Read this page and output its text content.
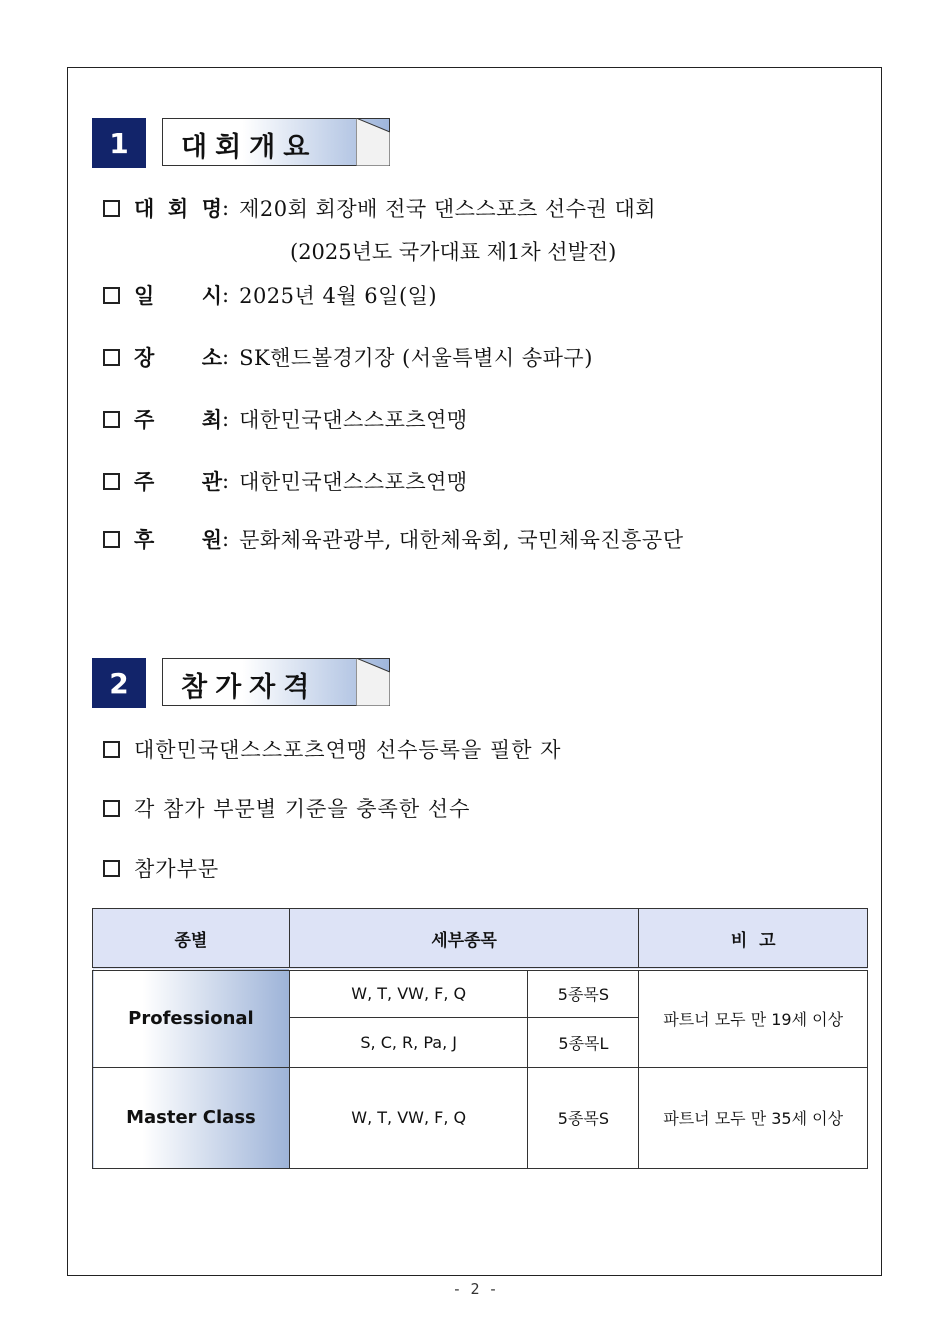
1	대회개요
대 회 명 : 제20회 회장배 전국 댄스스포츠 선수권 대회
(2025년도 국가대표 제1차 선발전)
일 시 : 2025년 4월 6일(일)
장 소 : SK핸드볼경기장 (서울특별시 송파구)
주 최 : 대한민국댄스스포츠연맹
주 관 : 대한민국댄스스포츠연맹
후 원 : 문화체육관광부, 대한체육회, 국민체육진흥공단
2	참가자격
대한민국댄스스포츠연맹 선수등록을 필한 자
각 참가 부문별 기준을 충족한 선수
참가부문
종별	세부종목		비  고
Professional	W, T, VW, F, Q	5종목S	파트너 모두 만 19세 이상
	S, C, R, Pa, J	5종목L	
Master Class	W, T, VW, F, Q	5종목S	파트너 모두 만 35세 이상
- 2 -
